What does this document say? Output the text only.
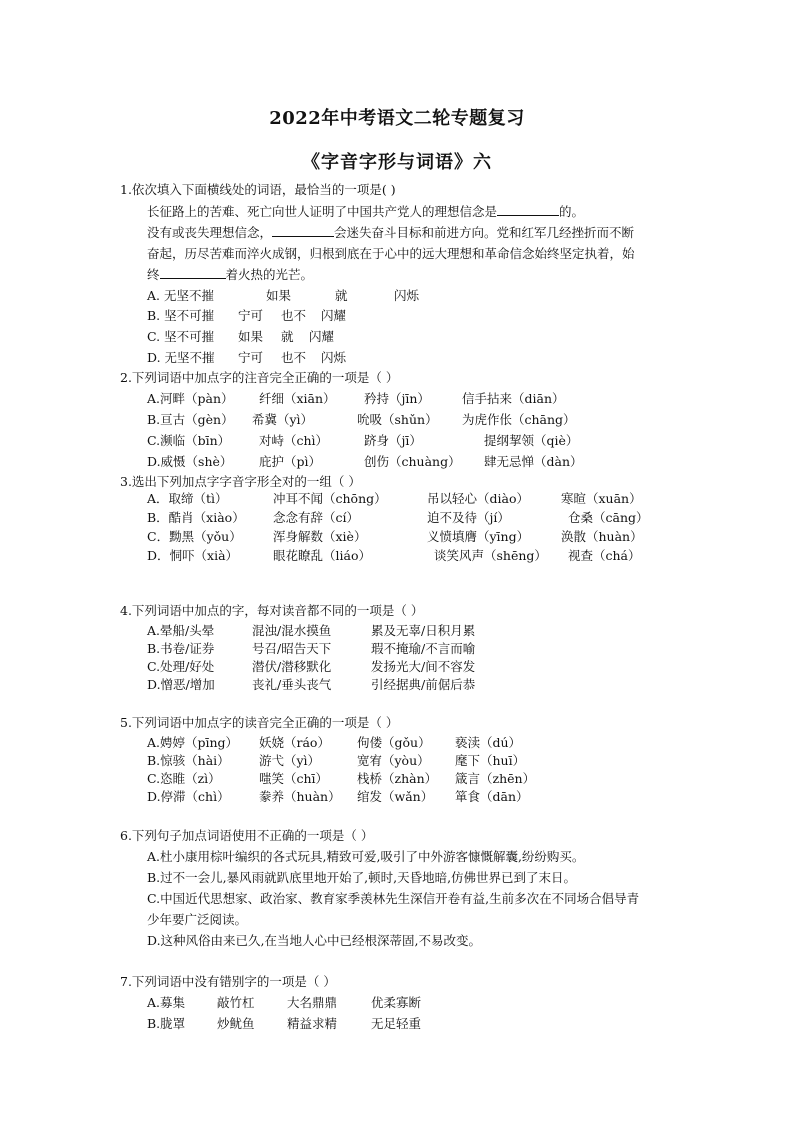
2022年中考语文二轮专题复习
《字音字形与词语》六
1.依次填入下面横线处的词语，最恰当的一项是( )
长征路上的苦难、死亡向世人证明了中国共产党人的理想信念是	的。
没有或丧失理想信念，	会迷失奋斗目标和前进方向。党和红军几经挫折而不断
奋起，历尽苦难而淬火成钢，归根到底在于心中的远大理想和革命信念始终坚定执着，始
终	着火热的光芒。
A. 无坚不摧	如果	就	闪烁
B. 坚不可摧 宁可 也不 闪耀
C. 坚不可摧 如果 就 闪耀
D. 无坚不摧 宁可 也不 闪烁
2.下列词语中加点字的注音完全正确的一项是（ ）
A.河畔（pàn） 纤细（xiān） 矜持（jīn）	信手拈来（diān）
B.亘古（gèn） 希冀（yì）	吮吸（shǔn） 为虎作伥（chāng）
C.濒临（bīn） 对峙（chì）	跻身（jī）	提纲挈领（qiè）
D.威慑（shè） 庇护（pì）	创伤（chuàng） 肆无忌惮（dàn）
3.选出下列加点字字音字形全对的一组（ ）
A．取缔（tì）	冲耳不闻（chōng）	吊以轻心（diào）	寒暄（xuān）
B．酷肖（xiào） 念念有辞（cí）	迫不及待（jí）	仓桑（cāng）
C．黝黑（yǒu）	浑身解数（xiè）	义愤填膺（yīng）	涣散（huàn）
D．恫吓（xià）	眼花瞭乱（liáo）	谈笑风声（shēng） 视查（chá）
4.下列词语中加点的字，每对读音都不同的一项是（ ）
A.晕船/头晕	混浊/混水摸鱼	累及无辜/日积月累
B.书卷/证券	号召/昭告天下	瑕不掩瑜/不言而喻
C.处理/好处	潜伏/潜移默化	发扬光大/间不容发
D.憎恶/增加	丧礼/垂头丧气	引经据典/前倨后恭
5.下列词语中加点字的读音完全正确的一项是（ ）
A.娉婷（pīng） 妖娆（ráo） 佝偻（gǒu） 亵渎（dú）
B.惊骇（hài） 游弋（yì）	宽宥（yòu） 麾下（huī）
C.恣睢（zì）	嗤笑（chī） 栈桥（zhàn） 箴言（zhēn）
D.停滞（chì） 豢养（huàn） 绾发（wǎn） 箪食（dān）
6.下列句子加点词语使用不正确的一项是（ ）
A.杜小康用棕叶编织的各式玩具,精致可爱,吸引了中外游客慷慨解囊,纷纷购买。
B.过不一会儿,暴风雨就趴底里地开始了,顿时,天昏地暗,仿佛世界已到了末日。
C.中国近代思想家、政治家、教育家季羡林先生深信开卷有益,生前多次在不同场合倡导青
少年要广泛阅读。
D.这种风俗由来已久,在当地人心中已经根深蒂固,不易改变。
7.下列词语中没有错别字的一项是（ ）
A.募集	敲竹杠	大名鼎鼎	优柔寡断
B.胧罩	炒鱿鱼	精益求精	无足轻重
